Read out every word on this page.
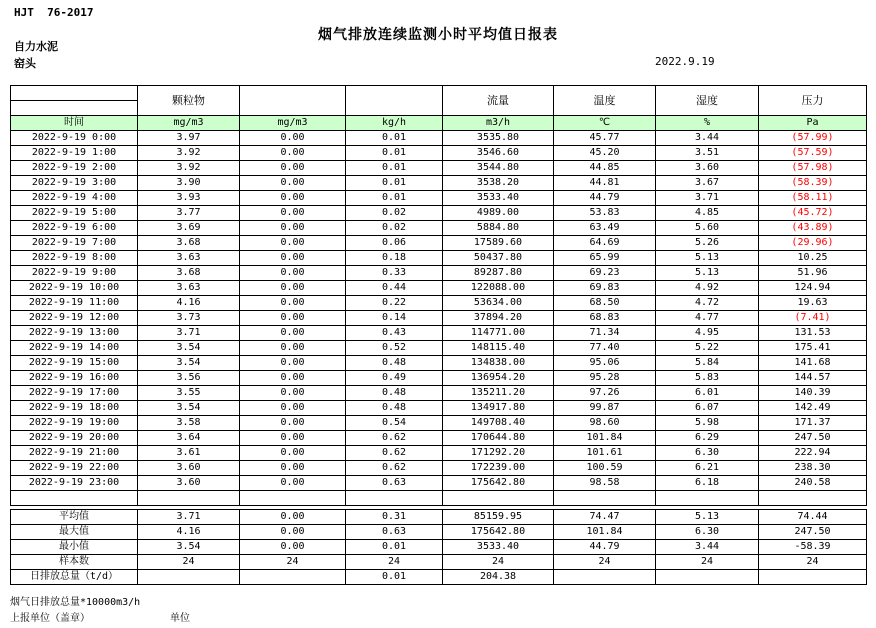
HJT  76-2017
烟气排放连续监测小时平均值日报表
自力水泥
窑头	2022.9.19
	颗粒物			流量	温度	湿度	压力
时间	mg/m3	mg/m3	kg/h	m3/h	℃	%	Pa
2022-9-19 0:00	3.97	0.00	0.01	3535.80	45.77	3.44	(57.99)
2022-9-19 1:00	3.92	0.00	0.01	3546.60	45.20	3.51	(57.59)
2022-9-19 2:00	3.92	0.00	0.01	3544.80	44.85	3.60	(57.98)
2022-9-19 3:00	3.90	0.00	0.01	3538.20	44.81	3.67	(58.39)
2022-9-19 4:00	3.93	0.00	0.01	3533.40	44.79	3.71	(58.11)
2022-9-19 5:00	3.77	0.00	0.02	4989.00	53.83	4.85	(45.72)
2022-9-19 6:00	3.69	0.00	0.02	5884.80	63.49	5.60	(43.89)
2022-9-19 7:00	3.68	0.00	0.06	17589.60	64.69	5.26	(29.96)
2022-9-19 8:00	3.63	0.00	0.18	50437.80	65.99	5.13	10.25
2022-9-19 9:00	3.68	0.00	0.33	89287.80	69.23	5.13	51.96
2022-9-19 10:00	3.63	0.00	0.44	122088.00	69.83	4.92	124.94
2022-9-19 11:00	4.16	0.00	0.22	53634.00	68.50	4.72	19.63
2022-9-19 12:00	3.73	0.00	0.14	37894.20	68.83	4.77	(7.41)
2022-9-19 13:00	3.71	0.00	0.43	114771.00	71.34	4.95	131.53
2022-9-19 14:00	3.54	0.00	0.52	148115.40	77.40	5.22	175.41
2022-9-19 15:00	3.54	0.00	0.48	134838.00	95.06	5.84	141.68
2022-9-19 16:00	3.56	0.00	0.49	136954.20	95.28	5.83	144.57
2022-9-19 17:00	3.55	0.00	0.48	135211.20	97.26	6.01	140.39
2022-9-19 18:00	3.54	0.00	0.48	134917.80	99.87	6.07	142.49
2022-9-19 19:00	3.58	0.00	0.54	149708.40	98.60	5.98	171.37
2022-9-19 20:00	3.64	0.00	0.62	170644.80	101.84	6.29	247.50
2022-9-19 21:00	3.61	0.00	0.62	171292.20	101.61	6.30	222.94
2022-9-19 22:00	3.60	0.00	0.62	172239.00	100.59	6.21	238.30
2022-9-19 23:00	3.60	0.00	0.63	175642.80	98.58	6.18	240.58

平均值	3.71	0.00	0.31	85159.95	74.47	5.13	74.44
最大值	4.16	0.00	0.63	175642.80	101.84	6.30	247.50
最小值	3.54	0.00	0.01	3533.40	44.79	3.44	-58.39
样本数	24	24	24	24	24	24	24
日排放总量（t/d）			0.01	204.38			
烟气日排放总量*10000m3/h
上报单位（盖章）	单位
